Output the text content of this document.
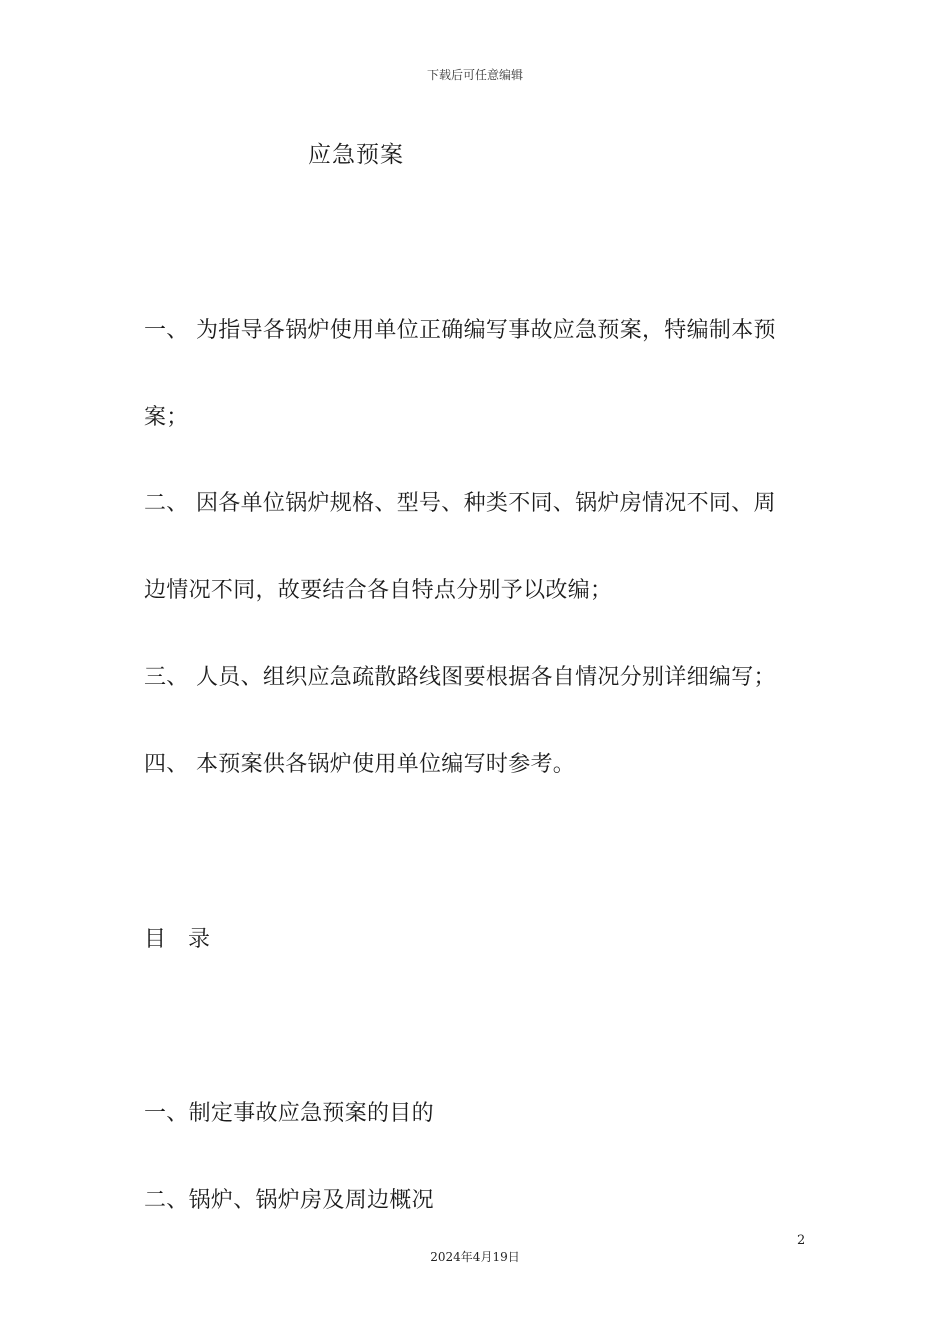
下载后可任意编辑
应急预案
一、 为指导各锅炉使用单位正确编写事故应急预案，特编制本预
案；
二、 因各单位锅炉规格、型号、种类不同、锅炉房情况不同、周
边情况不同，故要结合各自特点分别予以改编；
三、 人员、组织应急疏散路线图要根据各自情况分别详细编写；
四、 本预案供各锅炉使用单位编写时参考。
目 录
一、制定事故应急预案的目的
二、锅炉、锅炉房及周边概况
2
2024年4月19日
